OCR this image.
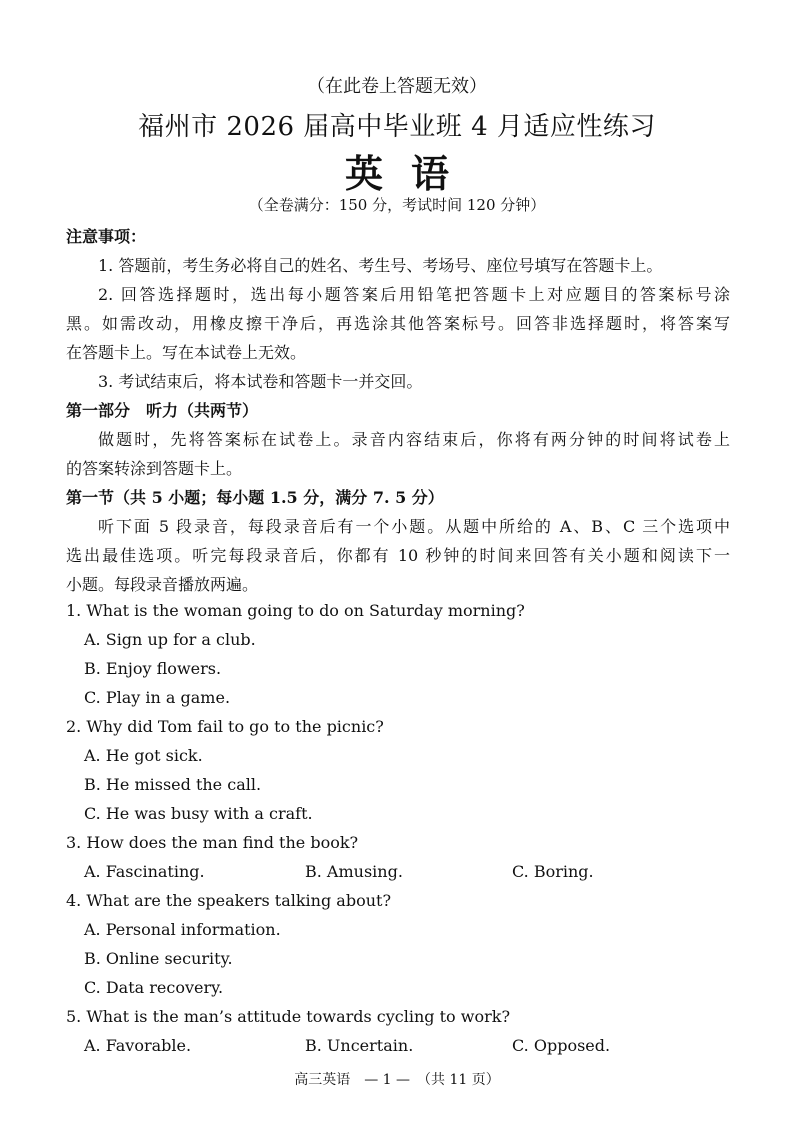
（在此卷上答题无效）
福州市 2026 届高中毕业班 4 月适应性练习
英语
（全卷满分：150 分，考试时间 120 分钟）
注意事项：
1. 答题前，考生务必将自己的姓名、考生号、考场号、座位号填写在答题卡上。
2. 回答选择题时，选出每小题答案后用铅笔把答题卡上对应题目的答案标号涂
黑。如需改动，用橡皮擦干净后，再选涂其他答案标号。回答非选择题时，将答案写
在答题卡上。写在本试卷上无效。
3. 考试结束后，将本试卷和答题卡一并交回。
第一部分　听力（共两节）
做题时，先将答案标在试卷上。录音内容结束后，你将有两分钟的时间将试卷上
的答案转涂到答题卡上。
第一节（共 5 小题；每小题 1.5 分，满分 7. 5 分）
听下面 5 段录音，每段录音后有一个小题。从题中所给的 A、B、C 三个选项中
选出最佳选项。听完每段录音后，你都有 10 秒钟的时间来回答有关小题和阅读下一
小题。每段录音播放两遍。
1. What is the woman going to do on Saturday morning?
A. Sign up for a club.
B. Enjoy flowers.
C. Play in a game.
2. Why did Tom fail to go to the picnic?
A. He got sick.
B. He missed the call.
C. He was busy with a craft.
3. How does the man find the book?
A. Fascinating.	B. Amusing.	C. Boring.
4. What are the speakers talking about?
A. Personal information.
B. Online security.
C. Data recovery.
5. What is the man’s attitude towards cycling to work?
A. Favorable.	B. Uncertain.	C. Opposed.
高三英语　— 1 —　（共 11 页）
